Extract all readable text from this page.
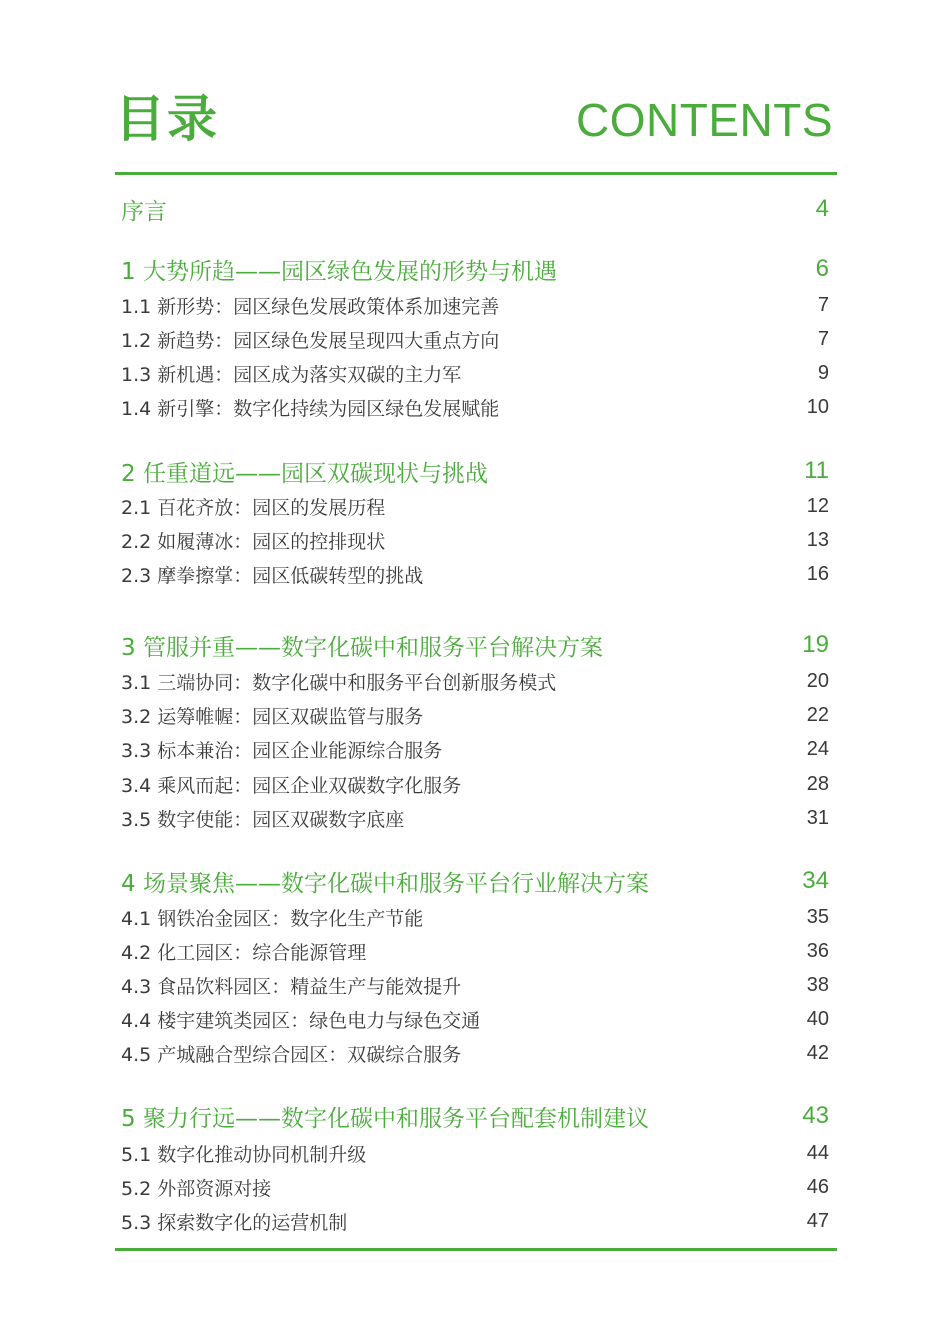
目录	CONTENTS
序言	4
1 大势所趋——园区绿色发展的形势与机遇	6
1.1 新形势：园区绿色发展政策体系加速完善	7
1.2 新趋势：园区绿色发展呈现四大重点方向	7
1.3 新机遇：园区成为落实双碳的主力军	9
1.4 新引擎：数字化持续为园区绿色发展赋能	10
2 任重道远——园区双碳现状与挑战	11
2.1 百花齐放：园区的发展历程	12
2.2 如履薄冰：园区的控排现状	13
2.3 摩拳擦掌：园区低碳转型的挑战	16
3 管服并重——数字化碳中和服务平台解决方案	19
3.1 三端协同：数字化碳中和服务平台创新服务模式	20
3.2 运筹帷幄：园区双碳监管与服务	22
3.3 标本兼治：园区企业能源综合服务	24
3.4 乘风而起：园区企业双碳数字化服务	28
3.5 数字使能：园区双碳数字底座	31
4 场景聚焦——数字化碳中和服务平台行业解决方案	34
4.1 钢铁冶金园区：数字化生产节能	35
4.2 化工园区：综合能源管理	36
4.3 食品饮料园区：精益生产与能效提升	38
4.4 楼宇建筑类园区：绿色电力与绿色交通	40
4.5 产城融合型综合园区：双碳综合服务	42
5 聚力行远——数字化碳中和服务平台配套机制建议	43
5.1 数字化推动协同机制升级	44
5.2 外部资源对接	46
5.3 探索数字化的运营机制	47
